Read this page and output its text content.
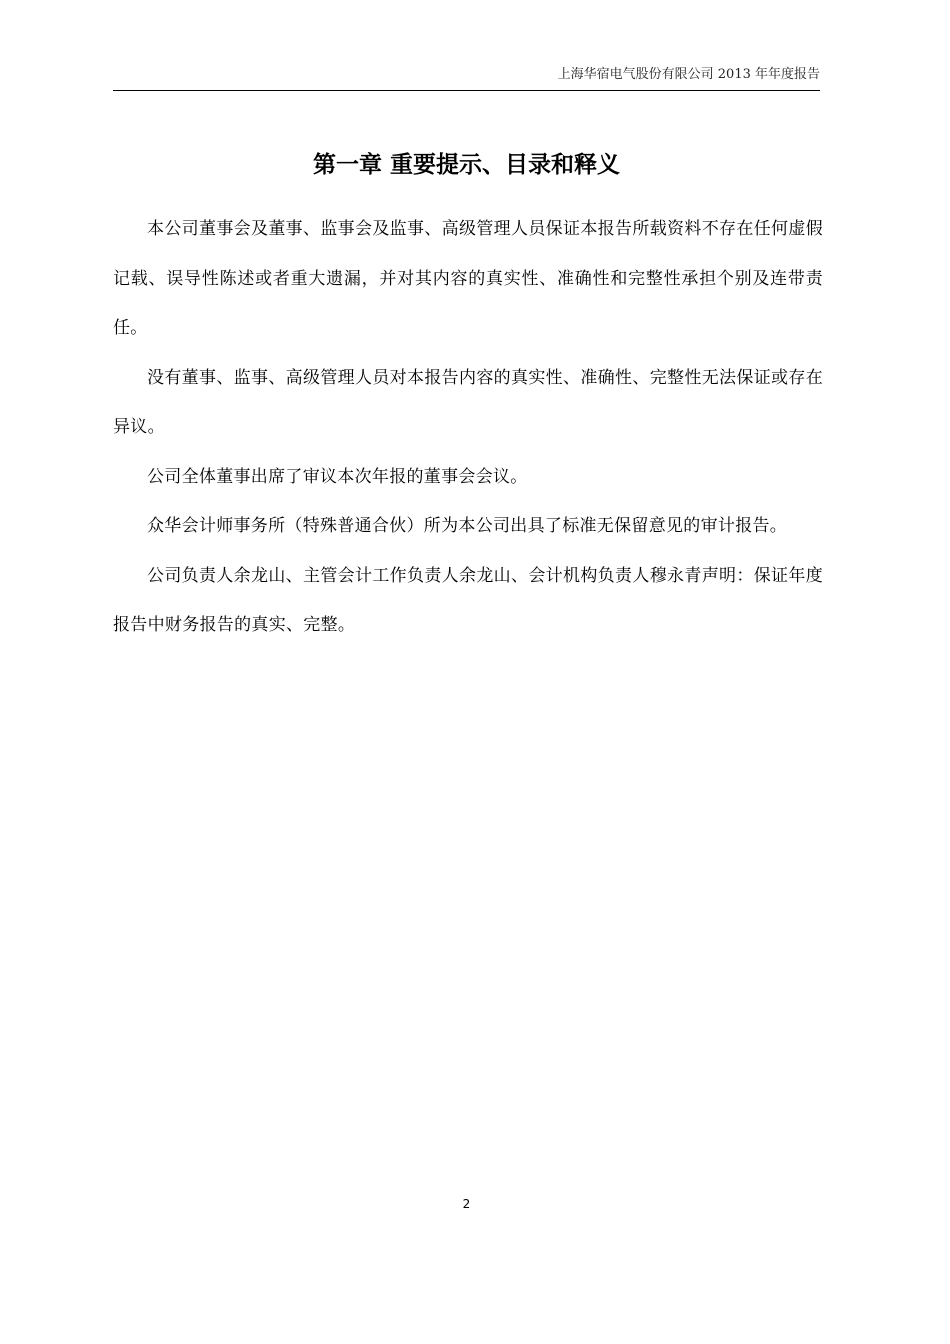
上海华宿电气股份有限公司 2013 年年度报告
第一章 重要提示、目录和释义

本公司董事会及董事、监事会及监事、高级管理人员保证本报告所载资料不存在任何虚假记载、误导性陈述或者重大遗漏，并对其内容的真实性、准确性和完整性承担个别及连带责任。

没有董事、监事、高级管理人员对本报告内容的真实性、准确性、完整性无法保证或存在异议。

公司全体董事出席了审议本次年报的董事会会议。

众华会计师事务所（特殊普通合伙）所为本公司出具了标准无保留意见的审计报告。

公司负责人余龙山、主管会计工作负责人余龙山、会计机构负责人穆永青声明：保证年度报告中财务报告的真实、完整。

2
